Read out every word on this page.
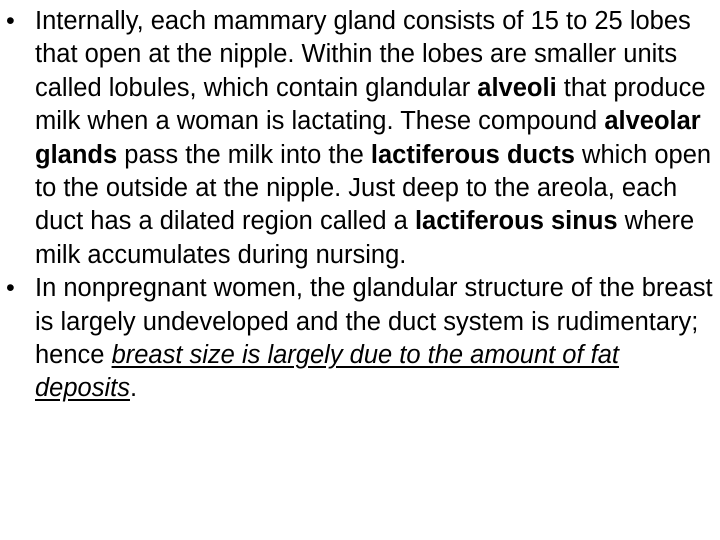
• Internally, each mammary gland consists of 15 to 25 lobes that open at the nipple. Within the lobes are smaller units called lobules, which contain glandular alveoli that produce milk when a woman is lactating. These compound alveolar glands pass the milk into the lactiferous ducts which open to the outside at the nipple. Just deep to the areola, each duct has a dilated region called a lactiferous sinus where milk accumulates during nursing.
• In nonpregnant women, the glandular structure of the breast is largely undeveloped and the duct system is rudimentary; hence breast size is largely due to the amount of fat deposits.
